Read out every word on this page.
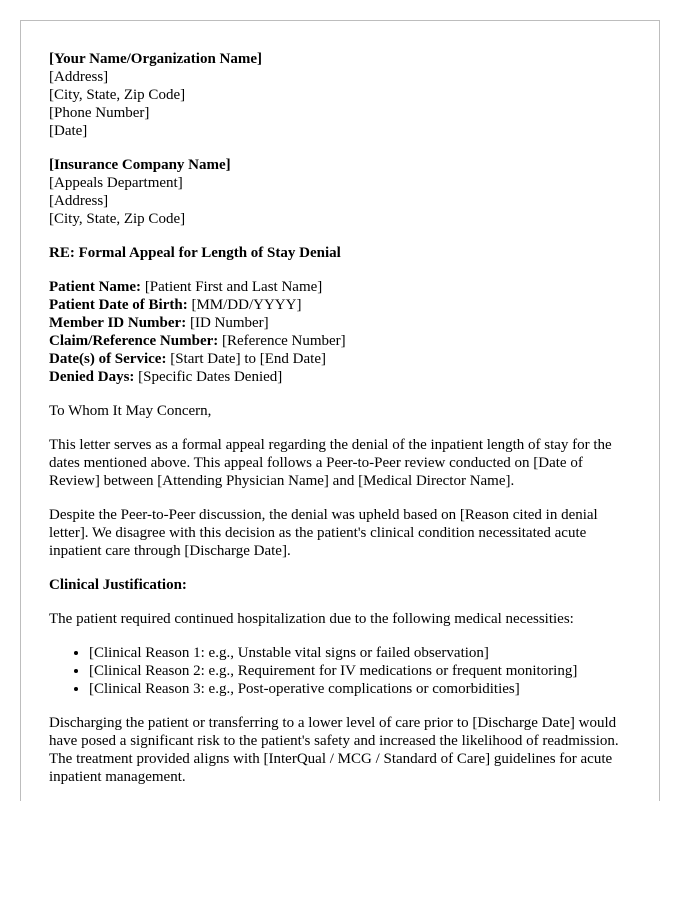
[Your Name/Organization Name]
[Address]
[City, State, Zip Code]
[Phone Number]
[Date]
[Insurance Company Name]
[Appeals Department]
[Address]
[City, State, Zip Code]

RE: Formal Appeal for Length of Stay Denial

Patient Name: [Patient First and Last Name]
Patient Date of Birth: [MM/DD/YYYY]
Member ID Number: [ID Number]
Claim/Reference Number: [Reference Number]
Date(s) of Service: [Start Date] to [End Date]
Denied Days: [Specific Dates Denied]

To Whom It May Concern,

This letter serves as a formal appeal regarding the denial of the inpatient length of stay for the dates mentioned above. This appeal follows a Peer-to-Peer review conducted on [Date of Review] between [Attending Physician Name] and [Medical Director Name].

Despite the Peer-to-Peer discussion, the denial was upheld based on [Reason cited in denial letter]. We disagree with this decision as the patient's clinical condition necessitated acute inpatient care through [Discharge Date].

Clinical Justification:

The patient required continued hospitalization due to the following medical necessities:

• [Clinical Reason 1: e.g., Unstable vital signs or failed observation]
• [Clinical Reason 2: e.g., Requirement for IV medications or frequent monitoring]
• [Clinical Reason 3: e.g., Post-operative complications or comorbidities]

Discharging the patient or transferring to a lower level of care prior to [Discharge Date] would have posed a significant risk to the patient's safety and increased the likelihood of readmission. The treatment provided aligns with [InterQual / MCG / Standard of Care] guidelines for acute inpatient management.
